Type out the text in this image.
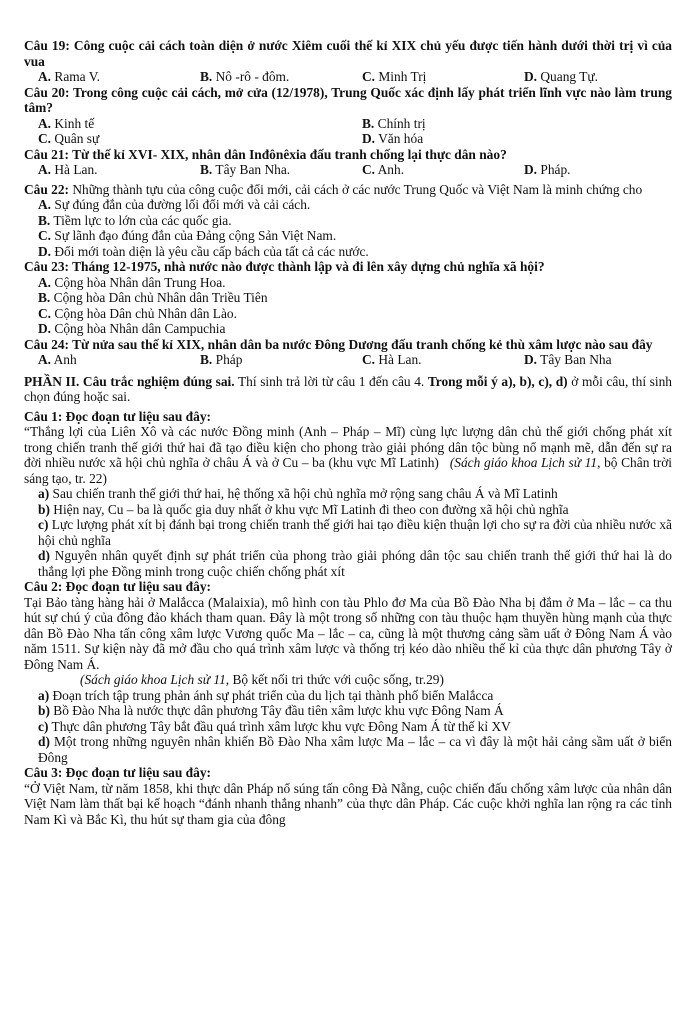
Câu 19: Công cuộc cải cách toàn diện ở nước Xiêm cuối thế kỉ XIX chủ yếu được tiến hành dưới thời trị vì của vua

A. Rama V.	B. Nô -rô - đôm.	C. Minh Trị	D. Quang Tự.

Câu 20: Trong công cuộc cải cách, mở cửa (12/1978), Trung Quốc xác định lấy phát triển lĩnh vực nào làm trung tâm?

A. Kinh tế	B. Chính trị
C. Quân sự	D. Văn hóa

Câu 21: Từ thế kỉ XVI- XIX, nhân dân Inđônêxia đấu tranh chống lại thực dân nào?

A. Hà Lan.	B. Tây Ban Nha.	C. Anh.	D. Pháp.

Câu 22: Những thành tựu của công cuộc đổi mới, cải cách ở các nước Trung Quốc và Việt Nam là minh chứng cho

A. Sự đúng đắn của đường lối đổi mới và cải cách.

B. Tiềm lực to lớn của các quốc gia.

C. Sự lãnh đạo đúng đắn của Đảng cộng Sản Việt Nam.

D. Đổi mới toàn diện là yêu cầu cấp bách của tất cả các nước.

Câu 23: Tháng 12-1975, nhà nước nào được thành lập và đi lên xây dựng chủ nghĩa xã hội?

A. Cộng hòa Nhân dân Trung Hoa.

B. Cộng hòa Dân chủ Nhân dân Triều Tiên

C. Cộng hòa Dân chủ Nhân dân Lào.

D. Cộng hòa Nhân dân Campuchia

Câu 24: Từ nửa sau thế kỉ XIX, nhân dân ba nước Đông Dương đấu tranh chống kẻ thù xâm lược nào sau đây

A. Anh	B. Pháp	C. Hà Lan.	D. Tây Ban Nha

PHẦN II. Câu trắc nghiệm đúng sai. Thí sinh trả lời từ câu 1 đến câu 4. Trong mỗi ý a), b), c), d) ở mỗi câu, thí sinh chọn đúng hoặc sai.

Câu 1: Đọc đoạn tư liệu sau đây:

“Thắng lợi của Liên Xô và các nước Đồng minh (Anh – Pháp – Mĩ) cùng lực lượng dân chủ thế giới chống phát xít trong chiến tranh thế giới thứ hai đã tạo điều kiện cho phong trào giải phóng dân tộc bùng nổ mạnh mẽ, dẫn đến sự ra đời nhiều nước xã hội chủ nghĩa ở châu Á và ở Cu – ba (khu vực Mĩ Latinh) (Sách giáo khoa Lịch sử 11, bộ Chân trời sáng tạo, tr. 22)

a) Sau chiến tranh thế giới thứ hai, hệ thống xã hội chủ nghĩa mở rộng sang châu Á và Mĩ Latinh

b) Hiện nay, Cu – ba là quốc gia duy nhất ở khu vực Mĩ Latinh đi theo con đường xã hội chủ nghĩa

c) Lực lượng phát xít bị đánh bại trong chiến tranh thế giới hai tạo điều kiện thuận lợi cho sự ra đời của nhiều nước xã hội chủ nghĩa

d) Nguyên nhân quyết định sự phát triển của phong trào giải phóng dân tộc sau chiến tranh thế giới thứ hai là do thắng lợi phe Đồng minh trong cuộc chiến chống phát xít

Câu 2: Đọc đoạn tư liệu sau đây:

Tại Bảo tàng hàng hải ở Malắcca (Malaixia), mô hình con tàu Phlo đơ Ma của Bồ Đào Nha bị đắm ở Ma – lắc – ca thu hút sự chú ý của đông đảo khách tham quan. Đây là một trong số những con tàu thuộc hạm thuyền hùng mạnh của thực dân Bồ Đào Nha tấn công xâm lược Vương quốc Ma – lắc – ca, cũng là một thương cảng sầm uất ở Đông Nam Á vào năm 1511. Sự kiện này đã mở đầu cho quá trình xâm lược và thống trị kéo dào nhiều thế kỉ của thực dân phương Tây ở Đông Nam Á.

(Sách giáo khoa Lịch sử 11, Bộ kết nối tri thức với cuộc sống, tr.29)

a) Đoạn trích tập trung phản ánh sự phát triển của du lịch tại thành phố biển Malắcca

b) Bồ Đào Nha là nước thực dân phương Tây đầu tiên xâm lược khu vực Đông Nam Á

c) Thực dân phương Tây bắt đầu quá trình xâm lược khu vực Đông Nam Á từ thế kỉ XV

d) Một trong những nguyên nhân khiến Bồ Đào Nha xâm lược Ma – lắc – ca vì đây là một hải cảng sầm uất ở biển Đông

Câu 3: Đọc đoạn tư liệu sau đây:

“Ở Việt Nam, từ năm 1858, khi thực dân Pháp nổ súng tấn công Đà Nẵng, cuộc chiến đấu chống xâm lược của nhân dân Việt Nam làm thất bại kế hoạch “đánh nhanh thắng nhanh” của thực dân Pháp. Các cuộc khởi nghĩa lan rộng ra các tỉnh Nam Kì và Bắc Kì, thu hút sự tham gia của đông
